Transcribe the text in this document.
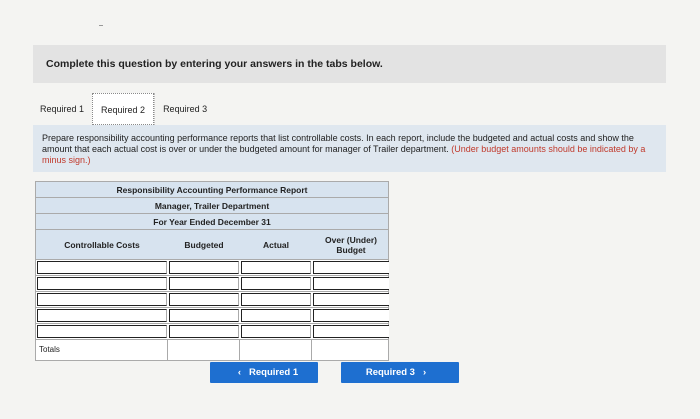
Complete this question by entering your answers in the tabs below.
Required 1	Required 2	Required 3
Prepare responsibility accounting performance reports that list controllable costs. In each report, include the budgeted and actual costs and show the amount that each actual cost is over or under the budgeted amount for manager of Trailer department. (Under budget amounts should be indicated by a minus sign.)
Responsibility Accounting Performance Report
Manager, Trailer Department
For Year Ended December 31
Controllable Costs	Budgeted	Actual	Over (Under) Budget
Totals
‹ Required 1	Required 3 ›
